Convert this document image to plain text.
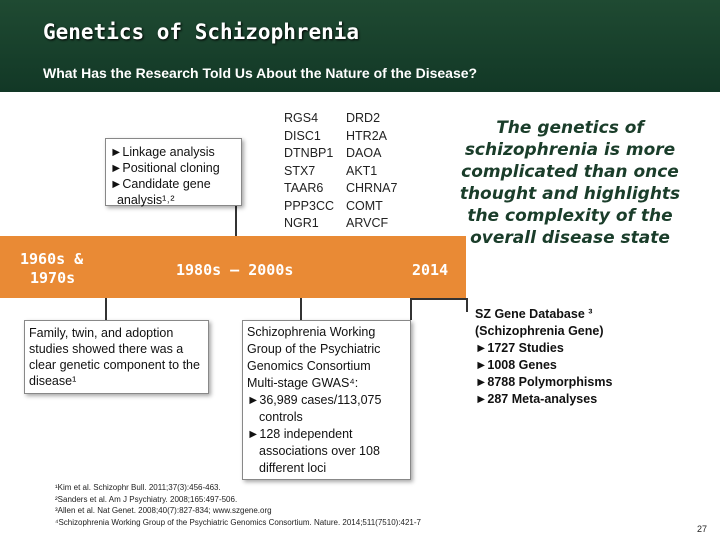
Genetics of Schizophrenia
What Has the Research Told Us About the Nature of the Disease?
►Linkage analysis
►Positional cloning
►Candidate gene
analysis¹˒²
RGS4
DISC1
DTNBP1
STX7
TAAR6
PPP3CC
NGR1
DRD2
HTR2A
DAOA
AKT1
CHRNA7
COMT
ARVCF
The genetics of schizophrenia is more complicated than once thought and highlights the complexity of the overall disease state
1960s &
1970s	1980s – 2000s	2014
Family, twin, and adoption studies showed there was a clear genetic component to the disease¹
Schizophrenia Working
Group of the Psychiatric
Genomics Consortium
Multi-stage GWAS⁴:
►36,989 cases/113,075
controls
►128 independent
associations over 108
different loci
SZ Gene Database ³
(Schizophrenia Gene)
►1727 Studies
►1008 Genes
►8788 Polymorphisms
►287 Meta-analyses
¹Kim et al. Schizophr Bull. 2011;37(3):456-463.
²Sanders et al. Am J Psychiatry. 2008;165:497-506.
³Allen et al. Nat Genet. 2008;40(7):827-834; www.szgene.org
⁴Schizophrenia Working Group of the Psychiatric Genomics Consortium. Nature. 2014;511(7510):421-7
27
